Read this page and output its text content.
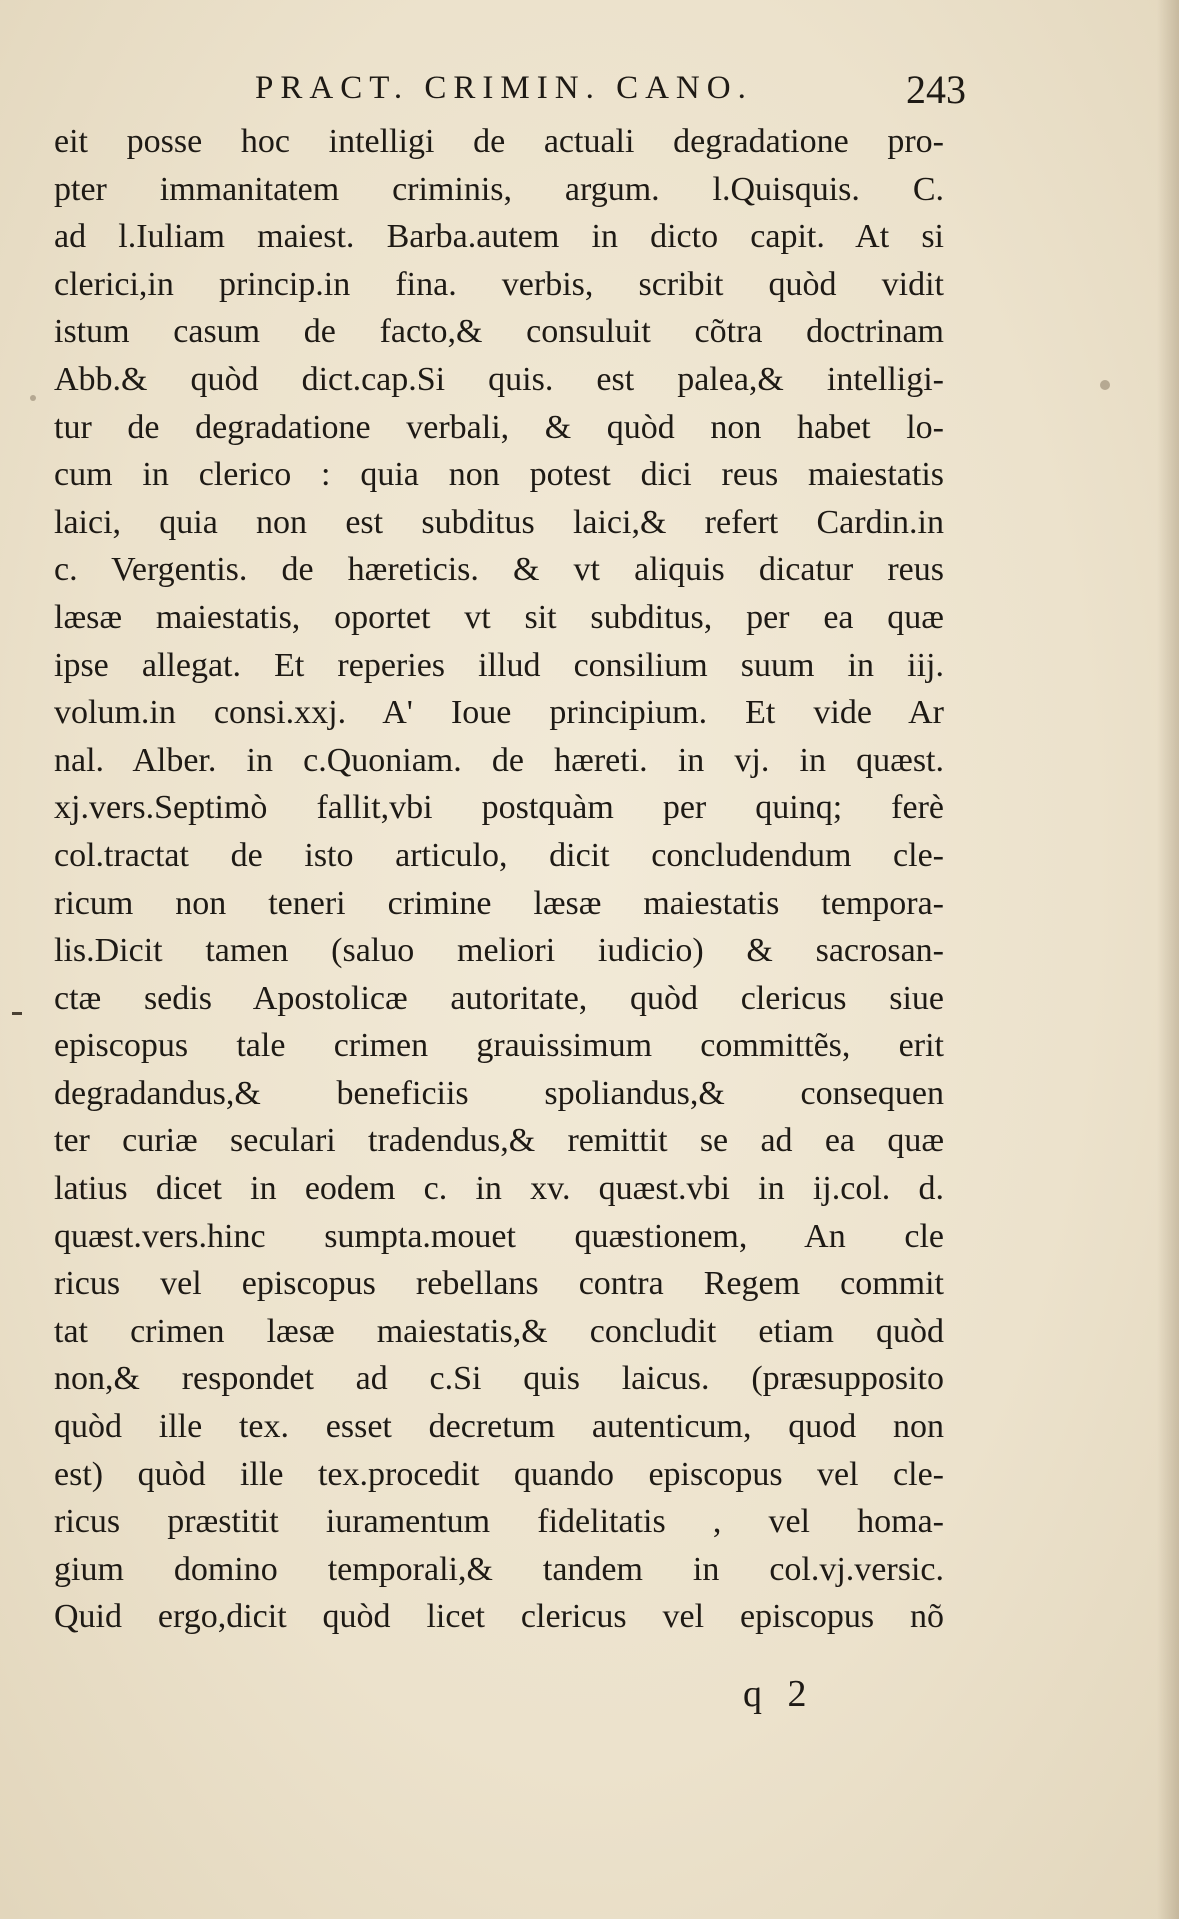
PRACT. CRIMIN. CANO.	243
eit posse hoc intelligi de actuali degradatione pro-
pter immanitatem criminis, argum. l.Quisquis. C.
ad l.Iuliam maiest. Barba.autem in dicto capit. At si
clerici,in princip.in fina. verbis, scribit quòd vidit
istum casum de facto,& consuluit cõtra doctrinam
Abb.& quòd dict.cap.Si quis. est palea,& intelligi-
tur de degradatione verbali, & quòd non habet lo-
cum in clerico : quia non potest dici reus maiestatis
laici, quia non est subditus laici,& refert Cardin.in
c. Vergentis. de hæreticis. & vt aliquis dicatur reus
læsæ maiestatis, oportet vt sit subditus, per ea quæ
ipse allegat. Et reperies illud consilium suum in iij.
volum.in consi.xxj. A' Ioue principium. Et vide Ar
nal. Alber. in c.Quoniam. de hæreti. in vj. in quæst.
xj.vers.Septimò fallit,vbi postquàm per quinq; ferè
col.tractat de isto articulo, dicit concludendum cle-
ricum non teneri crimine læsæ maiestatis tempora-
lis.Dicit tamen (saluo meliori iudicio) & sacrosan-
ctæ sedis Apostolicæ autoritate, quòd clericus siue
episcopus tale crimen grauissimum committẽs, erit
degradandus,& beneficiis spoliandus,& consequen
ter curiæ seculari tradendus,& remittit se ad ea quæ
latius dicet in eodem c. in xv. quæst.vbi in ij.col. d.
quæst.vers.hinc sumpta.mouet quæstionem, An cle
ricus vel episcopus rebellans contra Regem commit
tat crimen læsæ maiestatis,& concludit etiam quòd
non,& respondet ad c.Si quis laicus. (præsupposito
quòd ille tex. esset decretum autenticum, quod non
est) quòd ille tex.procedit quando episcopus vel cle-
ricus præstitit iuramentum fidelitatis , vel homa-
gium domino temporali,& tandem in col.vj.versic.
Quid ergo,dicit quòd licet clericus vel episcopus nõ
q 2
